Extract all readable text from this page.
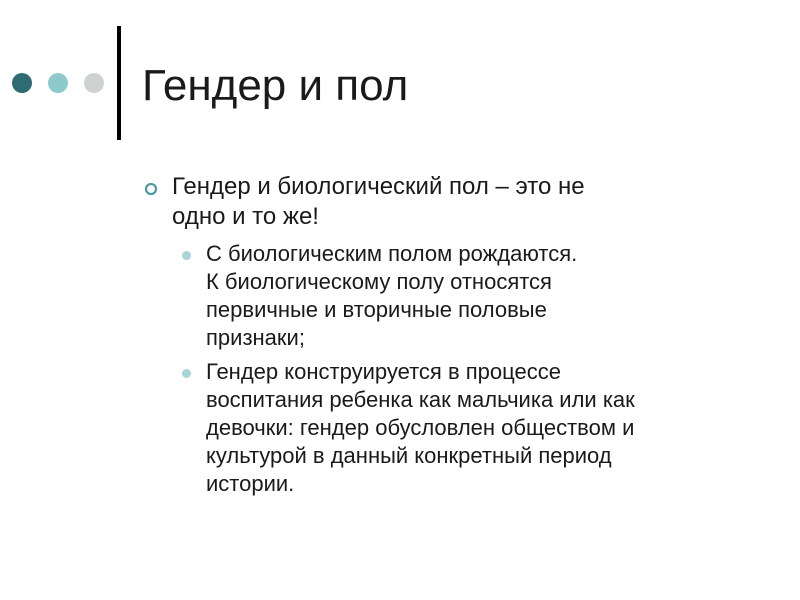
Гендер и пол

Гендер и биологический пол – это не
одно и то же!

С биологическим полом рождаются.
К биологическому полу относятся
первичные и вторичные половые
признаки;
Гендер конструируется в процессе
воспитания ребенка как мальчика или как
девочки: гендер обусловлен обществом и
культурой в данный конкретный период
истории.
